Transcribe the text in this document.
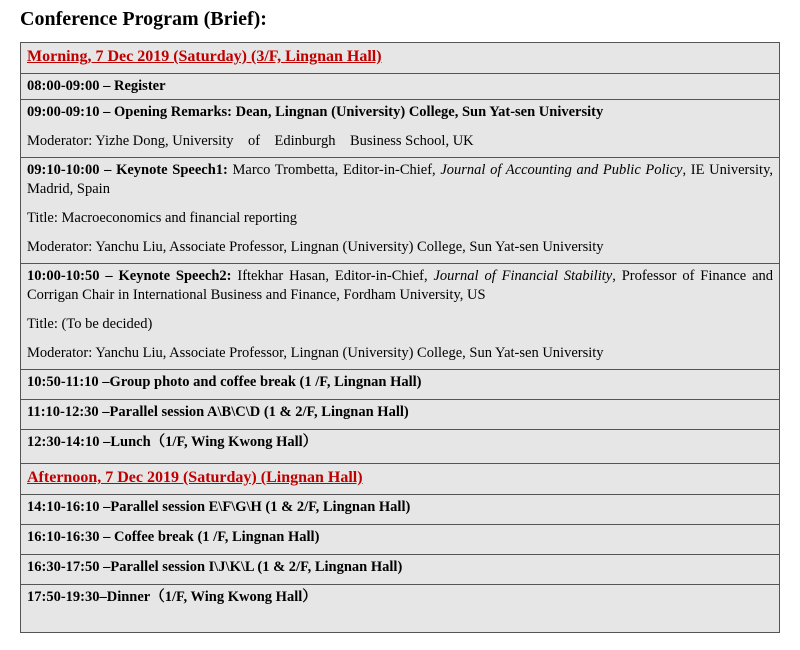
Conference Program (Brief):
Morning, 7 Dec 2019 (Saturday) (3/F, Lingnan Hall)
08:00-09:00 – Register

09:00-09:10 – Opening Remarks: Dean, Lingnan (University) College, Sun Yat-sen University

Moderator: Yizhe Dong, University    of    Edinburgh    Business School, UK

09:10-10:00 – Keynote Speech1: Marco Trombetta, Editor-in-Chief, Journal of Accounting and Public Policy, IE University, Madrid, Spain

Title: Macroeconomics and financial reporting

Moderator: Yanchu Liu, Associate Professor, Lingnan (University) College, Sun Yat-sen University

10:00-10:50 – Keynote Speech2: Iftekhar Hasan, Editor-in-Chief, Journal of Financial Stability, Professor of Finance and Corrigan Chair in International Business and Finance, Fordham University, US

Title: (To be decided)

Moderator: Yanchu Liu, Associate Professor, Lingnan (University) College, Sun Yat-sen University

10:50-11:10 –Group photo and coffee break (1 /F, Lingnan Hall)
11:10-12:30 –Parallel session A\B\C\D (1 & 2/F, Lingnan Hall)
12:30-14:10 –Lunch（1/F, Wing Kwong Hall）
Afternoon, 7 Dec 2019 (Saturday) (Lingnan Hall)
14:10-16:10 –Parallel session E\F\G\H (1 & 2/F, Lingnan Hall)
16:10-16:30 – Coffee break (1 /F, Lingnan Hall)
16:30-17:50 –Parallel session I\J\K\L (1 & 2/F, Lingnan Hall)
17:50-19:30–Dinner（1/F, Wing Kwong Hall）
